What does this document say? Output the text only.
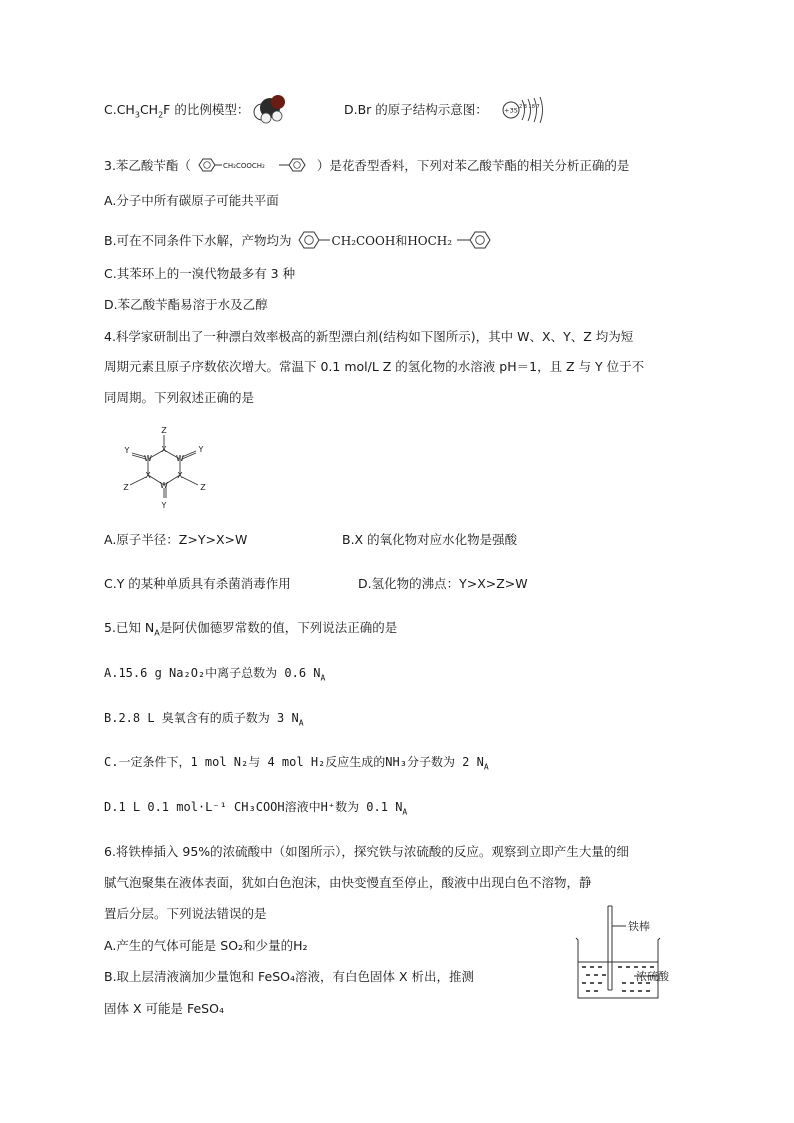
$C.CH_3CH_2F$ 的比例模型：	D.Br 的原子结构示意图：	+35 2 8 18 7
3.苯乙酸苄酯（	CH₂COOCH₂	）是花香型香料，下列对苯乙酸苄酯的相关分析正确的是
A.分子中所有碳原子可能共平面
B.可在不同条件下水解，产物均为	CH₂COOH和HOCH₂
C.其苯环上的一溴代物最多有 3 种
D.苯乙酸苄酯易溶于水及乙醇
4.科学家研制出了一种漂白效率极高的新型漂白剂(结构如下图所示)，其中 W、X、Y、Z 均为短
周期元素且原子序数依次增大。常温下 0.1 mol/L Z 的氢化物的水溶液 pH＝1，且 Z 与 Y 位于不
同周期。下列叙述正确的是
Z
X
W	W
X	X
W
Y
Y	Y
Z	Z
A.原子半径：Z>Y>X>W	B.X 的氧化物对应水化物是强酸
C.Y 的某种单质具有杀菌消毒作用	D.氢化物的沸点：Y>X>Z>W
5.已知 $N_A$是阿伏伽德罗常数的值，下列说法正确的是
A.15.6 g Na₂O₂中离子总数为 0.6 $N_A$
B.2.8 L 臭氧含有的质子数为 3 $N_A$
C.一定条件下，1 mol N₂与 4 mol H₂反应生成的NH₃分子数为 2 $N_A$
D.1 L 0.1 mol·L⁻¹ CH₃COOH溶液中H⁺数为 0.1 $N_A$
6.将铁棒插入 95%的浓硫酸中（如图所示），探究铁与浓硫酸的反应。观察到立即产生大量的细
腻气泡聚集在液体表面，犹如白色泡沫，由快变慢直至停止，酸液中出现白色不溶物，静
置后分层。下列说法错误的是
A.产生的气体可能是 SO₂和少量的H₂
B.取上层清液滴加少量饱和 FeSO₄溶液，有白色固体 X 析出，推测
固体 X 可能是 FeSO₄
铁棒
浓硫酸
